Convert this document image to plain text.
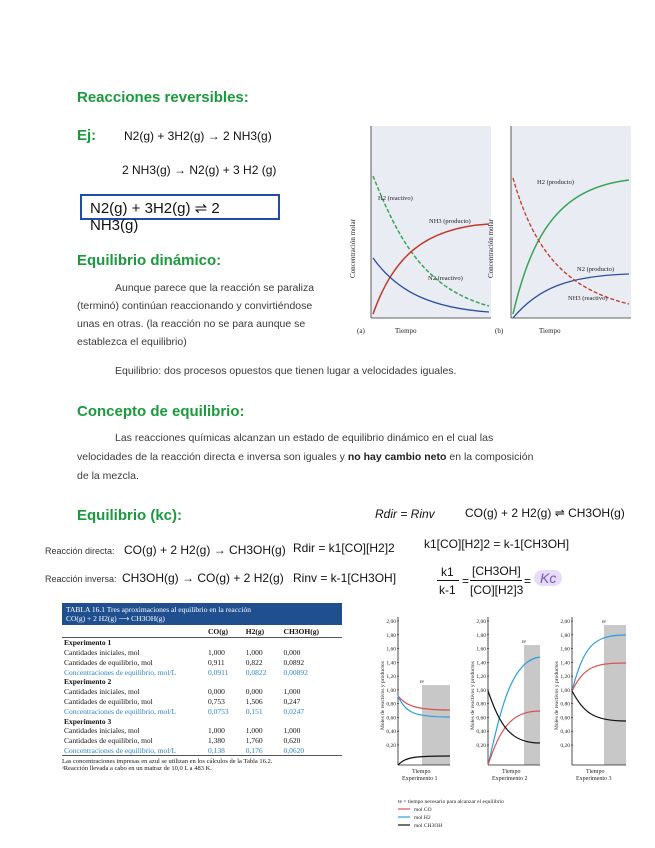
Reacciones reversibles:
Ej: N2(g) + 3H2(g) → 2 NH3(g)
2 NH3(g) → N2(g) + 3 H2 (g)
N2(g) + 3H2(g) ⇌ 2 NH3(g)
Equilibrio dinámico:
Aunque parece que la reacción se paraliza
(terminó) continúan reaccionando y convirtiéndose
unas en otras. (la reacción no se para aunque se
establezca el equilibrio)
Equilibrio: dos procesos opuestos que tienen lugar a velocidades iguales.
H2 (reactivo)
NH3 (producto)
N2 (reactivo)
Concentración molar
Tiempo
(a)
H2 (producto)
N2 (producto)
NH3 (reactivo)
Concentración molar
Tiempo
(b)
Concepto de equilibrio:
Las reacciones químicas alcanzan un estado de equilibrio dinámico en el cual las
velocidades de la reacción directa e inversa son iguales y no hay cambio neto en la composición
de la mezcla.
Equilibrio (kc):	Rdir = Rinv	CO(g) + 2 H2(g) ⇌ CH3OH(g)
k1[CO][H2]2 = k-1[CH3OH]
Reacción directa: CO(g) + 2 H2(g) → CH3OH(g) Rdir = k1[CO][H2]2
Reacción inversa: CH3OH(g) → CO(g) + 2 H2(g) Rinv = k-1[CH3OH]	k1
k-1
=
[CH3OH]
[CO][H2]3
= Kc
TABLA 16.1 Tres aproximaciones al equilibrio en la reacción
CO(g) + 2 H2(g) ⟶ CH3OH(g)
	CO(g)	H2(g)	CH3OH(g)
Experimento 1			
Cantidades iniciales, mol	1,000	1,000	0,000
Cantidades de equilibrio, mol	0,911	0,822	0,0892
Concentraciones de equilibrio, mol/L	0,0911	0,0822	0,00892
Experimento 2			
Cantidades iniciales, mol	0,000	0,000	1,000
Cantidades de equilibrio, mol	0,753	1,506	0,247
Concentraciones de equilibrio, mol/L	0,0753	0,151	0,0247
Experimento 3			
Cantidades iniciales, mol	1,000	1,000	1,000
Cantidades de equilibrio, mol	1,380	1,760	0,620
Concentraciones de equilibrio, mol/L	0,138	0,176	0,0620
Las concentraciones impresas en azul se utilizan en los cálculos de la Tabla 16.2.
ᵃReacción llevada a cabo en un matraz de 10,0 L a 483 K.
2,00
1,80
1,60
1,40
1,20
1,00
0,80
0,60
0,40
0,20
Moles de reactivos y productos
Tiempo
Experimento 1
2,00
1,80
1,60
1,40
1,20
1,00
0,80
0,60
0,40
0,20
Moles de reactivos y productos
Tiempo
Experimento 2
2,00
1,80
1,60
1,40
1,20
1,00
0,80
0,60
0,40
0,20
Moles de reactivos y productos
Tiempo
Experimento 3
te
te
te
te = tiempo necesario para alcanzar el equilibrio
mol CO
mol H2
mol CH3OH
